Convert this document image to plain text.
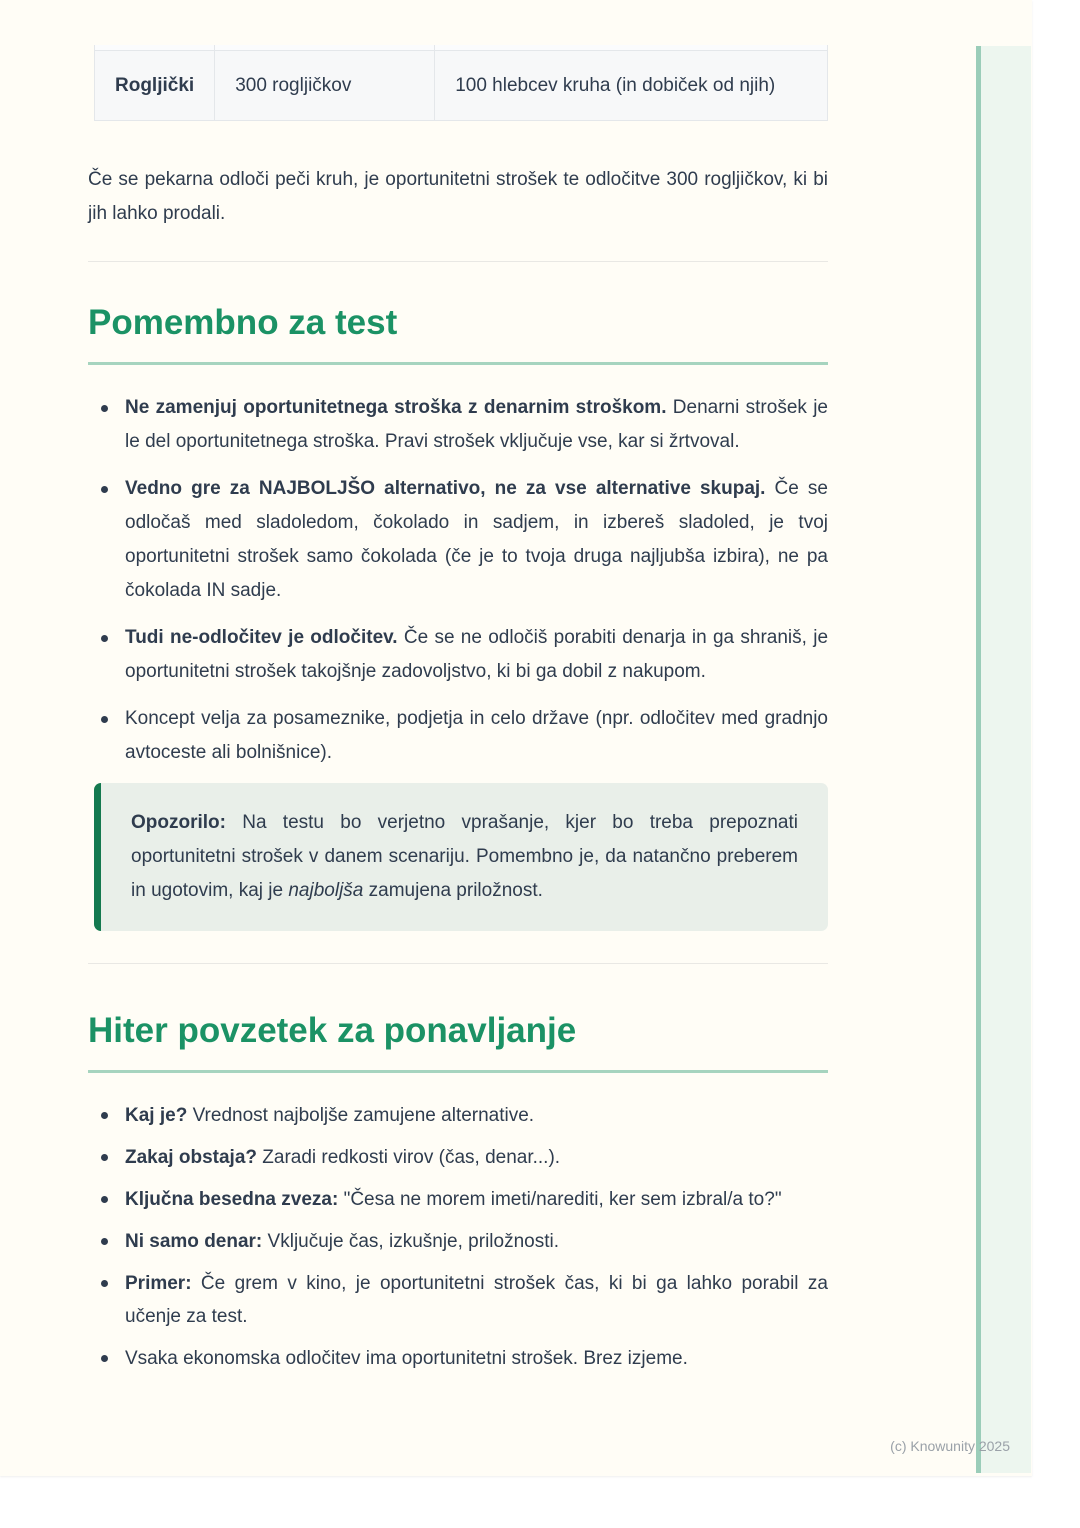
Rogljički	300 rogljičkov	100 hlebcev kruha (in dobiček od njih)

Če se pekarna odloči peči kruh, je oportunitetni strošek te odločitve 300 rogljičkov, ki bi jih lahko prodali.

Pomembno za test
Ne zamenjuj oportunitetnega stroška z denarnim stroškom. Denarni strošek je le del oportunitetnega stroška. Pravi strošek vključuje vse, kar si žrtvoval.
Vedno gre za NAJBOLJŠO alternativo, ne za vse alternative skupaj. Če se odločaš med sladoledom, čokolado in sadjem, in izbereš sladoled, je tvoj oportunitetni strošek samo čokolada (če je to tvoja druga najljubša izbira), ne pa čokolada IN sadje.
Tudi ne-odločitev je odločitev. Če se ne odločiš porabiti denarja in ga shraniš, je oportunitetni strošek takojšnje zadovoljstvo, ki bi ga dobil z nakupom.
Koncept velja za posameznike, podjetja in celo države (npr. odločitev med gradnjo avtoceste ali bolnišnice).
Opozorilo: Na testu bo verjetno vprašanje, kjer bo treba prepoznati oportunitetni strošek v danem scenariju. Pomembno je, da natančno preberem in ugotovim, kaj je najboljša zamujena priložnost.
Hiter povzetek za ponavljanje
Kaj je? Vrednost najboljše zamujene alternative.
Zakaj obstaja? Zaradi redkosti virov (čas, denar...).
Ključna besedna zveza: "Česa ne morem imeti/narediti, ker sem izbral/a to?"
Ni samo denar: Vključuje čas, izkušnje, priložnosti.
Primer: Če grem v kino, je oportunitetni strošek čas, ki bi ga lahko porabil za učenje za test.
Vsaka ekonomska odločitev ima oportunitetni strošek. Brez izjeme.
(c) Knowunity 2025
